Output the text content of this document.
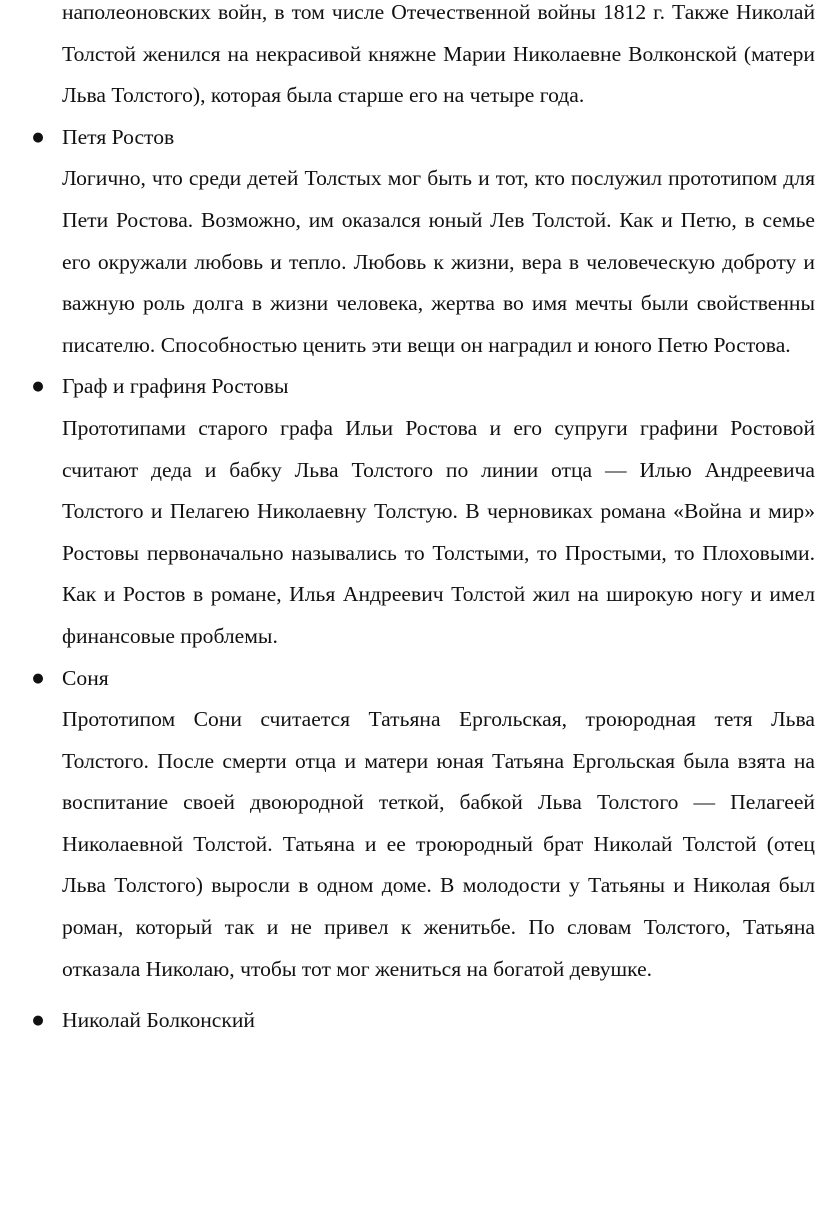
наполеоновских войн, в том числе Отечественной войны 1812 г. Также Николай Толстой женился на некрасивой княжне Марии Николаевне Волконской (матери Льва Толстого), которая была старше его на четыре года.

● Петя Ростов

Логично, что среди детей Толстых мог быть и тот, кто послужил прототипом для Пети Ростова. Возможно, им оказался юный Лев Толстой. Как и Петю, в семье его окружали любовь и тепло. Любовь к жизни, вера в человеческую доброту и важную роль долга в жизни человека, жертва во имя мечты были свойственны писателю. Способностью ценить эти вещи он наградил и юного Петю Ростова.

● Граф и графиня Ростовы

Прототипами старого графа Ильи Ростова и его супруги графини Ростовой считают деда и бабку Льва Толстого по линии отца — Илью Андреевича Толстого и Пелагею Николаевну Толстую. В черновиках романа «Война и мир» Ростовы первоначально назывались то Толстыми, то Простыми, то Плоховыми. Как и Ростов в романе, Илья Андреевич Толстой жил на широкую ногу и имел финансовые проблемы.

● Соня

Прототипом Сони считается Татьяна Ергольская, троюродная тетя Льва Толстого. После смерти отца и матери юная Татьяна Ергольская была взята на воспитание своей двоюродной теткой, бабкой Льва Толстого — Пелагеей Николаевной Толстой. Татьяна и ее троюродный брат Николай Толстой (отец Льва Толстого) выросли в одном доме. В молодости у Татьяны и Николая был роман, который так и не привел к женитьбе. По словам Толстого, Татьяна отказала Николаю, чтобы тот мог жениться на богатой девушке.

● Николай Болконский
